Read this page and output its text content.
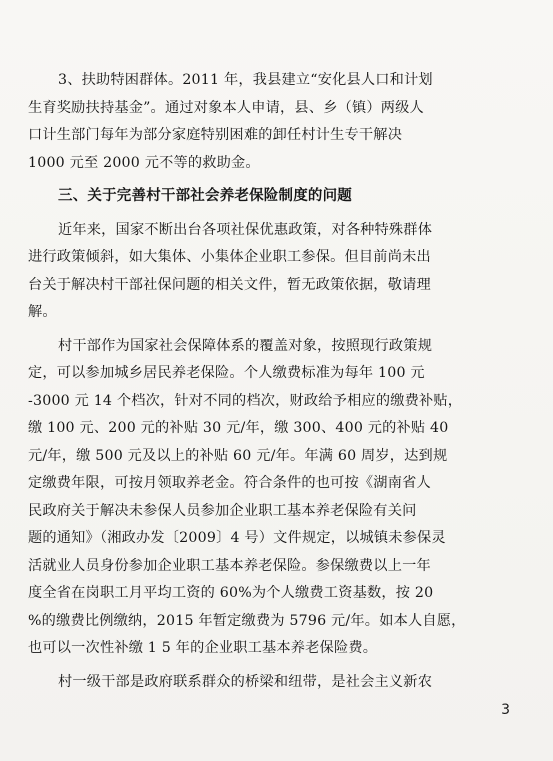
3、扶助特困群体。2011 年，我县建立“安化县人口和计划
生育奖励扶持基金”。通过对象本人申请，县、乡（镇）两级人
口计生部门每年为部分家庭特别困难的卸任村计生专干解决
1000 元至 2000 元不等的救助金。

三、关于完善村干部社会养老保险制度的问题

近年来，国家不断出台各项社保优惠政策，对各种特殊群体
进行政策倾斜，如大集体、小集体企业职工参保。但目前尚未出
台关于解决村干部社保问题的相关文件，暂无政策依据，敬请理
解。

村干部作为国家社会保障体系的覆盖对象，按照现行政策规
定，可以参加城乡居民养老保险。个人缴费标准为每年 100 元
-3000 元 14 个档次，针对不同的档次，财政给予相应的缴费补贴，
缴 100 元、200 元的补贴 30 元/年，缴 300、400 元的补贴 40
元/年，缴 500 元及以上的补贴 60 元/年。年满 60 周岁，达到规
定缴费年限，可按月领取养老金。符合条件的也可按《湖南省人
民政府关于解决未参保人员参加企业职工基本养老保险有关问
题的通知》（湘政办发〔2009〕4 号）文件规定，以城镇未参保灵
活就业人员身份参加企业职工基本养老保险。参保缴费以上一年
度全省在岗职工月平均工资的 60%为个人缴费工资基数，按 20
%的缴费比例缴纳，2015 年暂定缴费为 5796 元/年。如本人自愿，
也可以一次性补缴 1 5 年的企业职工基本养老保险费。

村一级干部是政府联系群众的桥梁和纽带，是社会主义新农

3
